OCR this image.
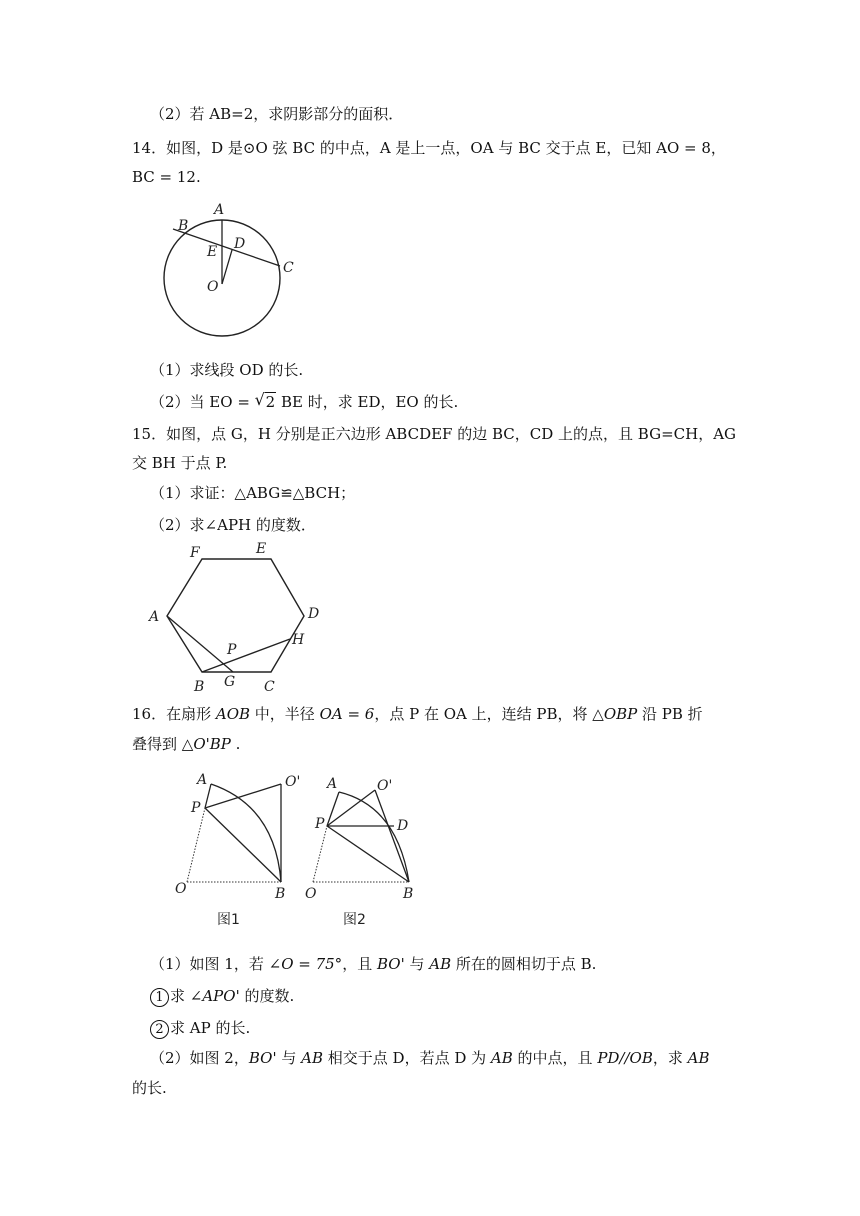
（2）若 AB=2，求阴影部分的面积．
14．如图，D 是⊙O 弦 BC 的中点，A 是上一点，OA 与 BC 交于点 E，已知 AO = 8，
BC = 12.
A
B
E D
C
O
（1）求线段 OD 的长.
（2）当 EO = √ 2 BE 时，求 ED，EO 的长.
15．如图，点 G，H 分别是正六边形 ABCDEF 的边 BC，CD 上的点，且 BG=CH，AG
交 BH 于点 P.
（1）求证：△ABG≌△BCH；
（2）求∠APH 的度数．
F	E
A	D
H
P
B G C
16．在扇形 AOB 中，半径 OA = 6，点 P 在 OA 上，连结 PB，将 △OBP 沿 PB 折
叠得到 △O'BP .
A	O'
P
O	B
图1
A	O'
P	D
O	B
图2
（1）如图 1，若 ∠O = 75°，且 BO' 与 AB 所在的圆相切于点 B.
1 求 ∠APO' 的度数.
2 求 AP 的长.
（2）如图 2，BO' 与 AB 相交于点 D，若点 D 为 AB 的中点，且 PD//OB，求 AB
的长.
